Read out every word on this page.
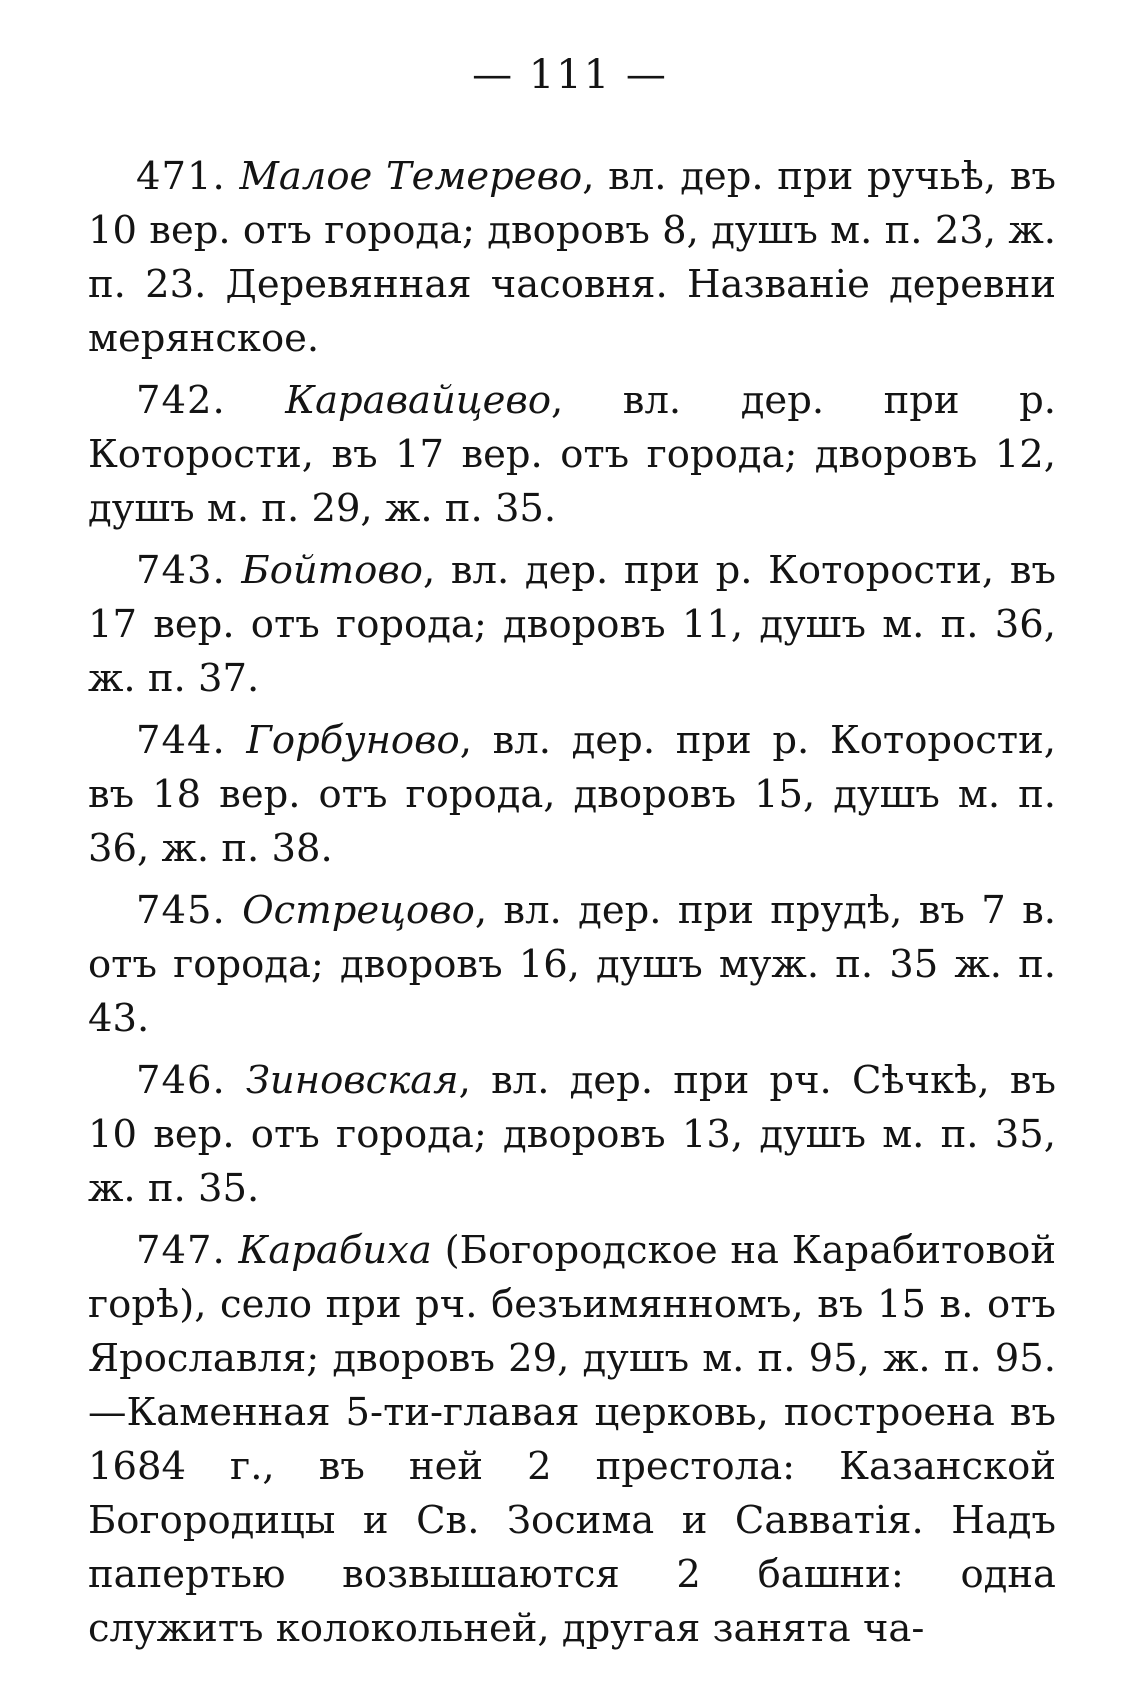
— 111 —

471. Малое Темерево, вл. дер. при ручьѣ, въ 10 вер. отъ города; дворовъ 8, душъ м. п. 23, ж. п. 23. Деревянная часовня. Названіе деревни мерянское.

742. Каравайцево, вл. дер. при р. Которости, въ 17 вер. отъ города; дворовъ 12, душъ м. п. 29, ж. п. 35.

743. Бойтово, вл. дер. при р. Которости, въ 17 вер. отъ города; дворовъ 11, душъ м. п. 36, ж. п. 37.

744. Горбуново, вл. дер. при р. Которости, въ 18 вер. отъ города, дворовъ 15, душъ м. п. 36, ж. п. 38.

745. Острецово, вл. дер. при прудѣ, въ 7 в. отъ города; дворовъ 16, душъ муж. п. 35 ж. п. 43.

746. Зиновская, вл. дер. при рч. Сѣчкѣ, въ 10 вер. отъ города; дворовъ 13, душъ м. п. 35, ж. п. 35.

747. Карабиха (Богородское на Карабитовой горѣ), село при рч. безъимянномъ, въ 15 в. отъ Ярославля; дворовъ 29, душъ м. п. 95, ж. п. 95.—Каменная 5-ти-главая церковь, построена въ 1684 г., въ ней 2 престола: Казанской Богородицы и Св. Зосима и Савватія. Надъ папертью возвышаются 2 башни: одна служитъ колокольней, другая занята ча-
